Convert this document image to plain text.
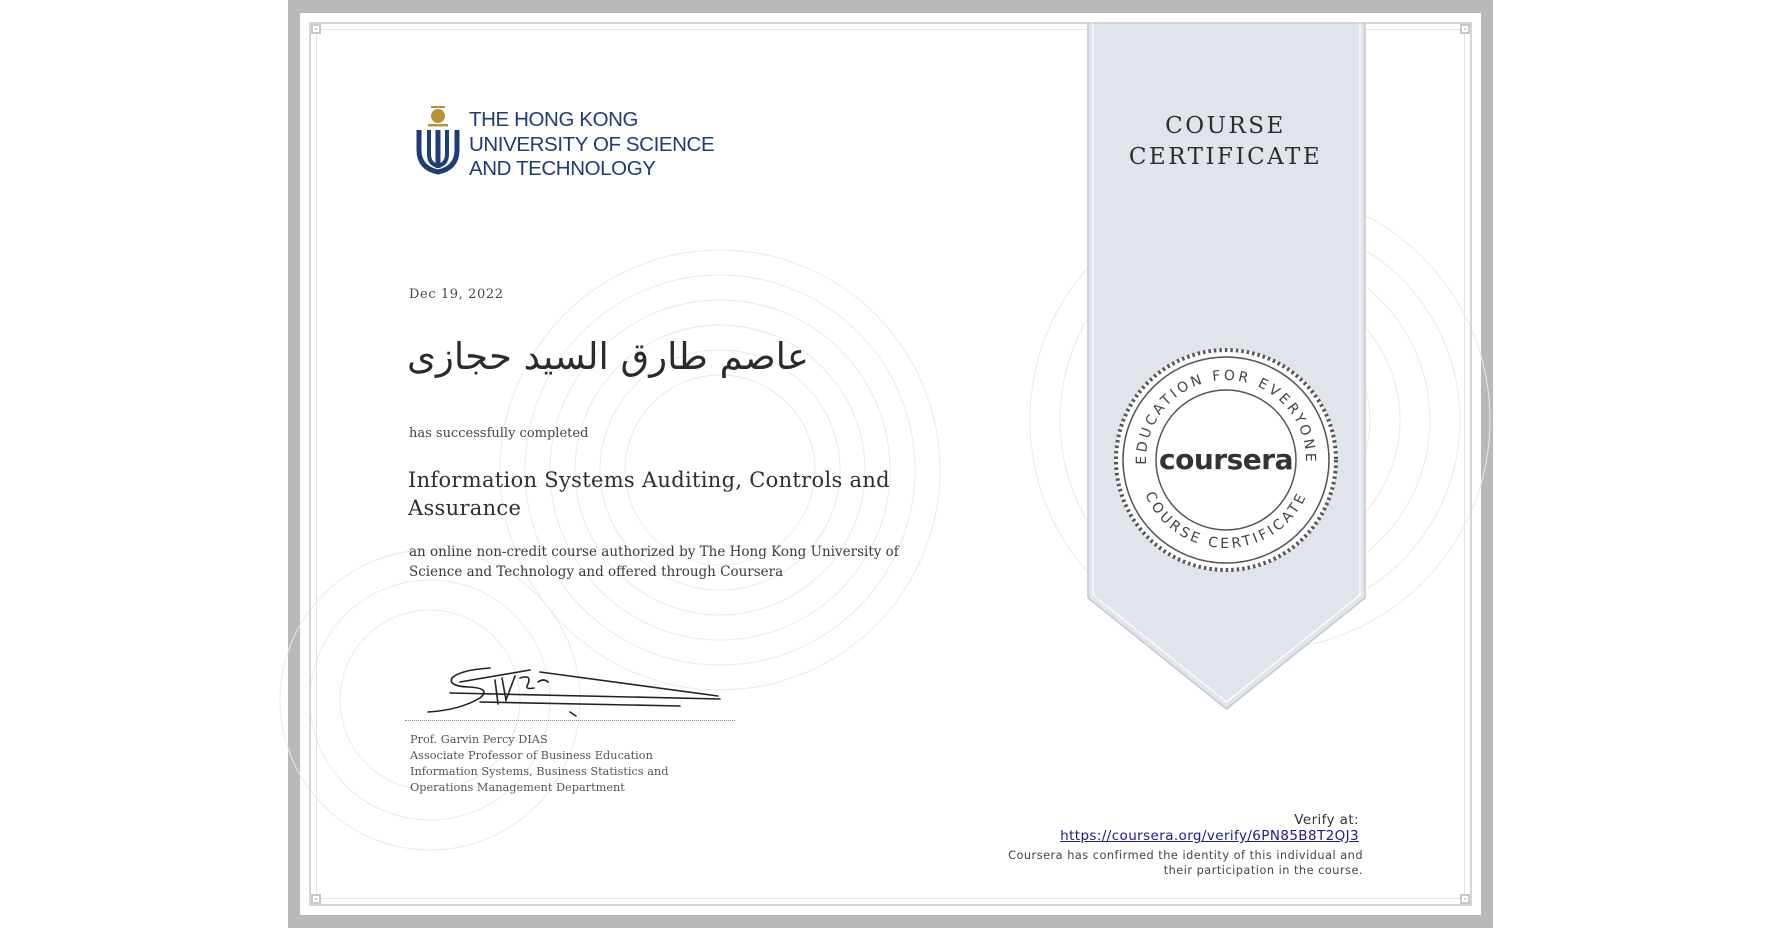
THE HONG KONG
UNIVERSITY OF SCIENCE
AND TECHNOLOGY

Dec 19, 2022
عاصم طارق السيد حجازى
has successfully completed
Information Systems Auditing, Controls and Assurance
an online non-credit course authorized by The Hong Kong University of Science and Technology and offered through Coursera
Prof. Garvin Percy DIAS
Associate Professor of Business Education
Information Systems, Business Statistics and
Operations Management Department
COURSE
CERTIFICATE
EDUCATION FOR EVERYONE
COURSE CERTIFICATE
coursera
Verify at:
https://coursera.org/verify/6PN85B8T2QJ3
Coursera has confirmed the identity of this individual and
their participation in the course.
